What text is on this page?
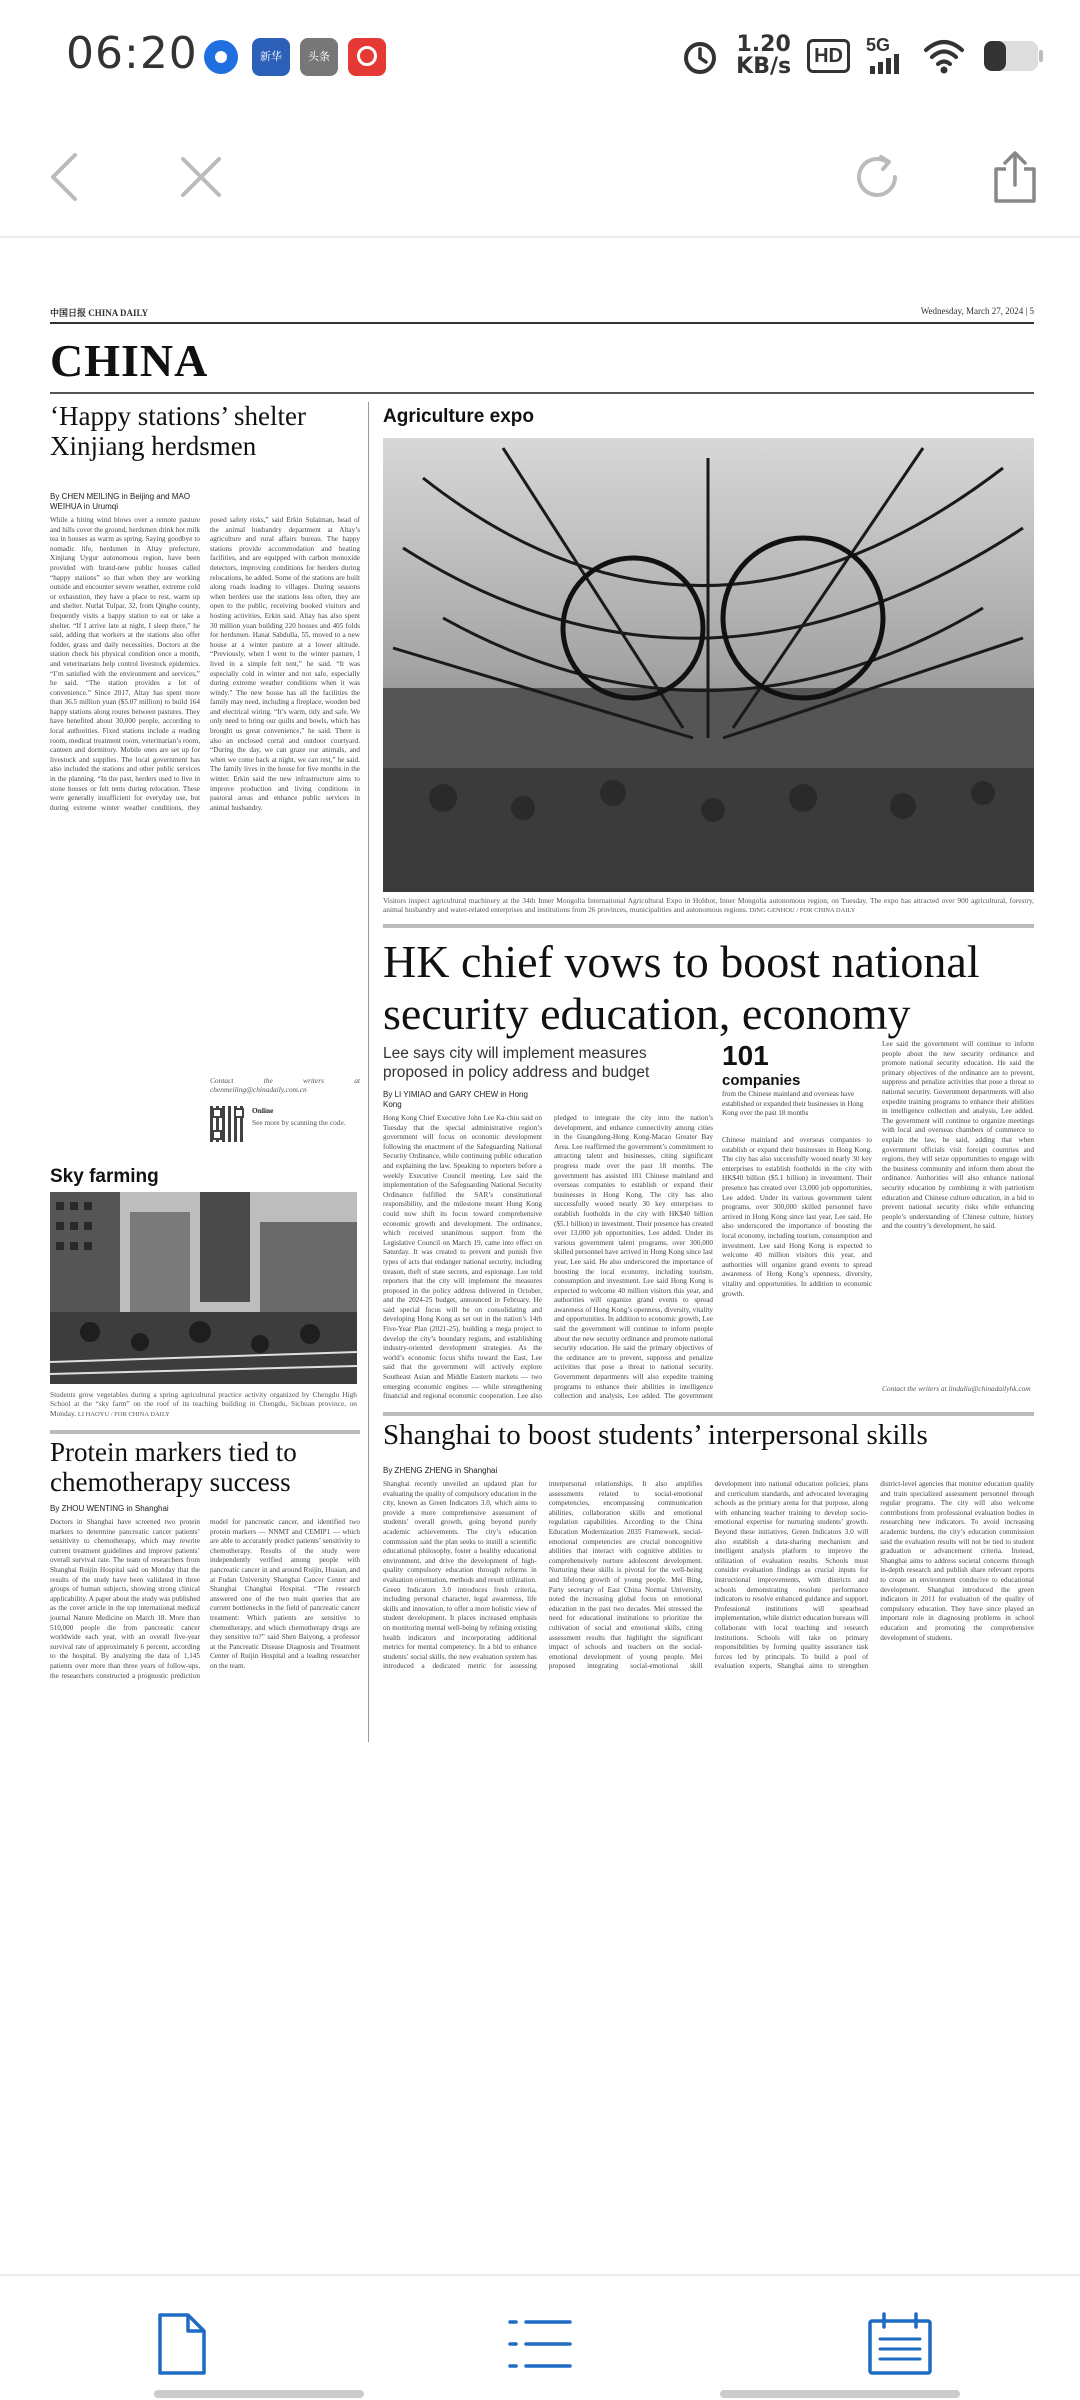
06:20	新华	头条	1.20
KB/s	HD	5G
中国日报 CHINA DAILY	Wednesday, March 27, 2024 | 5
CHINA
‘Happy stations’ shelter Xinjiang herdsmen
By CHEN MEILING in Beijing and MAO WEIHUA in Urumqi
While a biting wind blows over a remote pasture and hills cover the ground, herdsmen drink hot milk tea in houses as warm as spring. Saying goodbye to nomadic life, herdsmen in Altay prefecture, Xinjiang Uygur autonomous region, have been provided with brand-new public houses called “happy stations” so that when they are working outside and encounter severe weather, extreme cold or exhaustion, they have a place to rest, warm up and shelter. Nurlat Tulpar, 32, from Qinghe county, frequently visits a happy station to eat or take a shelter. “If I arrive late at night, I sleep there,” he said, adding that workers at the stations also offer fodder, grass and daily necessities. Doctors at the station check his physical condition once a month, and veterinarians help control livestock epidemics. “I’m satisfied with the environment and services,” he said. “The station provides a lot of convenience.” Since 2017, Altay has spent more than 36.5 million yuan ($5.07 million) to build 164 happy stations along routes between pastures. They have benefited about 30,000 people, according to local authorities. Fixed stations include a reading room, medical treatment room, veterinarian’s room, canteen and dormitory. Mobile ones are set up for livestock and supplies. The local government has also included the stations and other public services in the planning. “In the past, herders used to live in stone houses or felt tents during relocation. These were generally insufficient for everyday use, but during extreme winter weather conditions, they posed safety risks,” said Erkin Sulaiman, head of the animal husbandry department at Altay’s agriculture and rural affairs bureau. The happy stations provide accommodation and heating facilities, and are equipped with carbon monoxide detectors, improving conditions for herders during relocations, he added. Some of the stations are built along roads leading to villages. During seasons when herders use the stations less often, they are open to the public, receiving booked visitors and hosting activities, Erkin said. Altay has also spent 30 million yuan building 220 houses and 405 folds for herdsmen. Hanat Sabdulla, 55, moved to a new house at a winter pasture at a lower altitude. “Previously, when I went to the winter pasture, I lived in a simple felt tent,” he said. “It was especially cold in winter and not safe, especially during extreme weather conditions when it was windy.” The new house has all the facilities the family may need, including a fireplace, wooden bed and electrical wiring. “It’s warm, tidy and safe. We only need to bring our quilts and bowls, which has brought us great convenience,” he said. There is also an enclosed corral and outdoor courtyard. “During the day, we can graze our animals, and when we come back at night, we can rest,” he said. The family lives in the house for five months in the winter. Erkin said the new infrastructure aims to improve production and living conditions in pastoral areas and enhance public services in animal husbandry.
Contact the writers at chenmeiling@chinadaily.com.cn
Online
See more by scanning the code.
Agriculture expo
Visitors inspect agricultural machinery at the 34th Inner Mongolia International Agricultural Expo in Hohhot, Inner Mongolia autonomous region, on Tuesday. The expo has attracted over 900 agricultural, forestry, animal husbandry and water-related enterprises and institutions from 26 provinces, municipalities and autonomous regions. DING GENHOU / FOR CHINA DAILY
HK chief vows to boost national security education, economy
Lee says city will implement measures proposed in policy address and budget
By LI YIMIAO and GARY CHEW in Hong Kong
Hong Kong Chief Executive John Lee Ka-chiu said on Tuesday that the special administrative region’s government will focus on economic development following the enactment of the Safeguarding National Security Ordinance, while continuing public education and explaining the law. Speaking to reporters before a weekly Executive Council meeting, Lee said the implementation of the Safeguarding National Security Ordinance fulfilled the SAR’s constitutional responsibility, and the milestone meant Hong Kong could now shift its focus toward comprehensive economic growth and development. The ordinance, which received unanimous support from the Legislative Council on March 19, came into effect on Saturday. It was created to prevent and punish five types of acts that endanger national security, including treason, theft of state secrets, and espionage. Lee told reporters that the city will implement the measures proposed in the policy address delivered in October, and the 2024-25 budget, announced in February. He said special focus will be on consolidating and developing Hong Kong as set out in the nation’s 14th Five-Year Plan (2021-25), building a mega project to develop the city’s boundary regions, and establishing industry-oriented development strategies. As the world’s economic focus shifts toward the East, Lee said that the government will actively explore Southeast Asian and Middle Eastern markets — two emerging economic engines — while strengthening financial and regional economic cooperation. Lee also pledged to integrate the city into the nation’s development, and enhance connectivity among cities in the Guangdong-Hong Kong-Macao Greater Bay Area. Lee reaffirmed the government’s commitment to attracting talent and businesses, citing significant progress made over the past 18 months. The government has assisted 101 Chinese mainland and overseas companies to establish or expand their businesses in Hong Kong. The city has also successfully wooed nearly 30 key enterprises to establish footholds in the city with HK$40 billion ($5.1 billion) in investment. Their presence has created over 13,000 job opportunities, Lee added. Under its various government talent programs, over 300,000 skilled personnel have arrived in Hong Kong since last year, Lee said. He also underscored the importance of boosting the local economy, including tourism, consumption and investment. Lee said Hong Kong is expected to welcome 40 million visitors this year, and authorities will organize grand events to spread awareness of Hong Kong’s openness, diversity, vitality and opportunities. In addition to economic growth, Lee said the government will continue to inform people about the new security ordinance and promote national security education. He said the primary objectives of the ordinance are to prevent, suppress and penalize activities that pose a threat to national security. Government departments will also expedite training programs to enhance their abilities in intelligence collection and analysis, Lee added. The government
101
companies
from the Chinese mainland and overseas have established or expanded their businesses in Hong Kong over the past 18 months
Chinese mainland and overseas companies to establish or expand their businesses in Hong Kong. The city has also successfully wooed nearly 30 key enterprises to establish footholds in the city with HK$40 billion ($5.1 billion) in investment. Their presence has created over 13,000 job opportunities, Lee added. Under its various government talent programs, over 300,000 skilled personnel have arrived in Hong Kong since last year, Lee said. He also underscored the importance of boosting the local economy, including tourism, consumption and investment. Lee said Hong Kong is expected to welcome 40 million visitors this year, and authorities will organize grand events to spread awareness of Hong Kong’s openness, diversity, vitality and opportunities. In addition to economic growth.
Lee said the government will continue to inform people about the new security ordinance and promote national security education. He said the primary objectives of the ordinance are to prevent, suppress and penalize activities that pose a threat to national security. Government departments will also expedite training programs to enhance their abilities in intelligence collection and analysis, Lee added. The government will continue to organize meetings with local and overseas chambers of commerce to explain the law, he said, adding that when government officials visit foreign countries and regions, they will seize opportunities to engage with the business community and inform them about the ordinance. Authorities will also enhance national security education by combining it with patriotism education and Chinese culture education, in a bid to prevent national security risks while enhancing people’s understanding of Chinese culture, history and the country’s development, he said.
Contact the writers at lindaliu@chinadailyhk.com
Sky farming
Students grow vegetables during a spring agricultural practice activity organized by Chengdu High School at the “sky farm” on the roof of its teaching building in Chengdu, Sichuan province, on Monday. LI HAOYU / FOR CHINA DAILY
Protein markers tied to chemotherapy success
By ZHOU WENTING in Shanghai
Doctors in Shanghai have screened two protein markers to determine pancreatic cancer patients’ sensitivity to chemotherapy, which may rewrite current treatment guidelines and improve patients’ overall survival rate. The team of researchers from Shanghai Ruijin Hospital said on Monday that the results of the study have been validated in three groups of human subjects, showing strong clinical applicability. A paper about the study was published as the cover article in the top international medical journal Nature Medicine on March 18. More than 510,000 people die from pancreatic cancer worldwide each year, with an overall five-year survival rate of approximately 6 percent, according to the hospital. By analyzing the data of 1,145 patients over more than three years of follow-ups, the researchers constructed a prognostic prediction model for pancreatic cancer, and identified two protein markers — NNMT and CEMIP1 — which are able to accurately predict patients’ sensitivity to chemotherapy. Results of the study were independently verified among people with pancreatic cancer in and around Ruijin, Huaian, and at Fudan University Shanghai Cancer Center and Shanghai Changhai Hospital. “The research answered one of the two main queries that are current bottlenecks in the field of pancreatic cancer treatment: Which patients are sensitive to chemotherapy, and which chemotherapy drugs are they sensitive to?” said Shen Baiyong, a professor at the Pancreatic Disease Diagnosis and Treatment Center of Ruijin Hospital and a leading researcher on the team.
Shanghai to boost students’ interpersonal skills
By ZHENG ZHENG in Shanghai
Shanghai recently unveiled an updated plan for evaluating the quality of compulsory education in the city, known as Green Indicators 3.0, which aims to provide a more comprehensive assessment of students’ overall growth, going beyond purely academic achievements. The city’s education commission said the plan seeks to instill a scientific educational philosophy, foster a healthy educational environment, and drive the development of high-quality compulsory education through reforms in evaluation orientation, methods and result utilization. Green Indicators 3.0 introduces fresh criteria, including personal character, legal awareness, life skills and innovation, to offer a more holistic view of student development. It places increased emphasis on monitoring mental well-being by refining existing health indicators and incorporating additional metrics for mental competency. In a bid to enhance students’ social skills, the new evaluation system has introduced a dedicated metric for assessing interpersonal relationships. It also amplifies assessments related to social-emotional competencies, encompassing communication abilities, collaboration skills and emotional regulation capabilities. According to the China Education Modernization 2035 Framework, social-emotional competencies are crucial noncognitive abilities that interact with cognitive abilities to comprehensively nurture adolescent development. Nurturing these skills is pivotal for the well-being and lifelong growth of young people. Mei Bing, Party secretary of East China Normal University, noted the increasing global focus on emotional education in the past two decades. Mei stressed the need for educational institutions to prioritize the cultivation of social and emotional skills, citing assessment results that highlight the significant impact of schools and teachers on the social-emotional development of young people. Mei proposed integrating social-emotional skill development into national education policies, plans and curriculum standards, and advocated leveraging schools as the primary arena for that purpose, along with enhancing teacher training to develop socio-emotional expertise for nurturing students’ growth. Beyond these initiatives, Green Indicators 3.0 will also establish a data-sharing mechanism and intelligent analysis platform to improve the utilization of evaluation results. Schools must consider evaluation findings as crucial inputs for instructional improvements, with districts and schools demonstrating resolute performance indicators to resolve enhanced guidance and support. Professional institutions will spearhead implementation, while district education bureaus will collaborate with local teaching and research institutions. Schools will take on primary responsibilities by forming quality assurance task forces led by principals. To build a pool of evaluation experts, Shanghai aims to strengthen district-level agencies that monitor education quality and train specialized assessment personnel through regular programs. The city will also welcome contributions from professional evaluation bodies in researching new indicators. To avoid increasing academic burdens, the city’s education commission said the evaluation results will not be tied to student graduation or advancement criteria. Instead, Shanghai aims to address societal concerns through in-depth research and publish share relevant reports to create an environment conducive to educational development. Shanghai introduced the green indicators in 2011 for evaluation of the quality of compulsory education. They have since played an important role in diagnosing problems in school education and promoting the comprehensive development of students.
